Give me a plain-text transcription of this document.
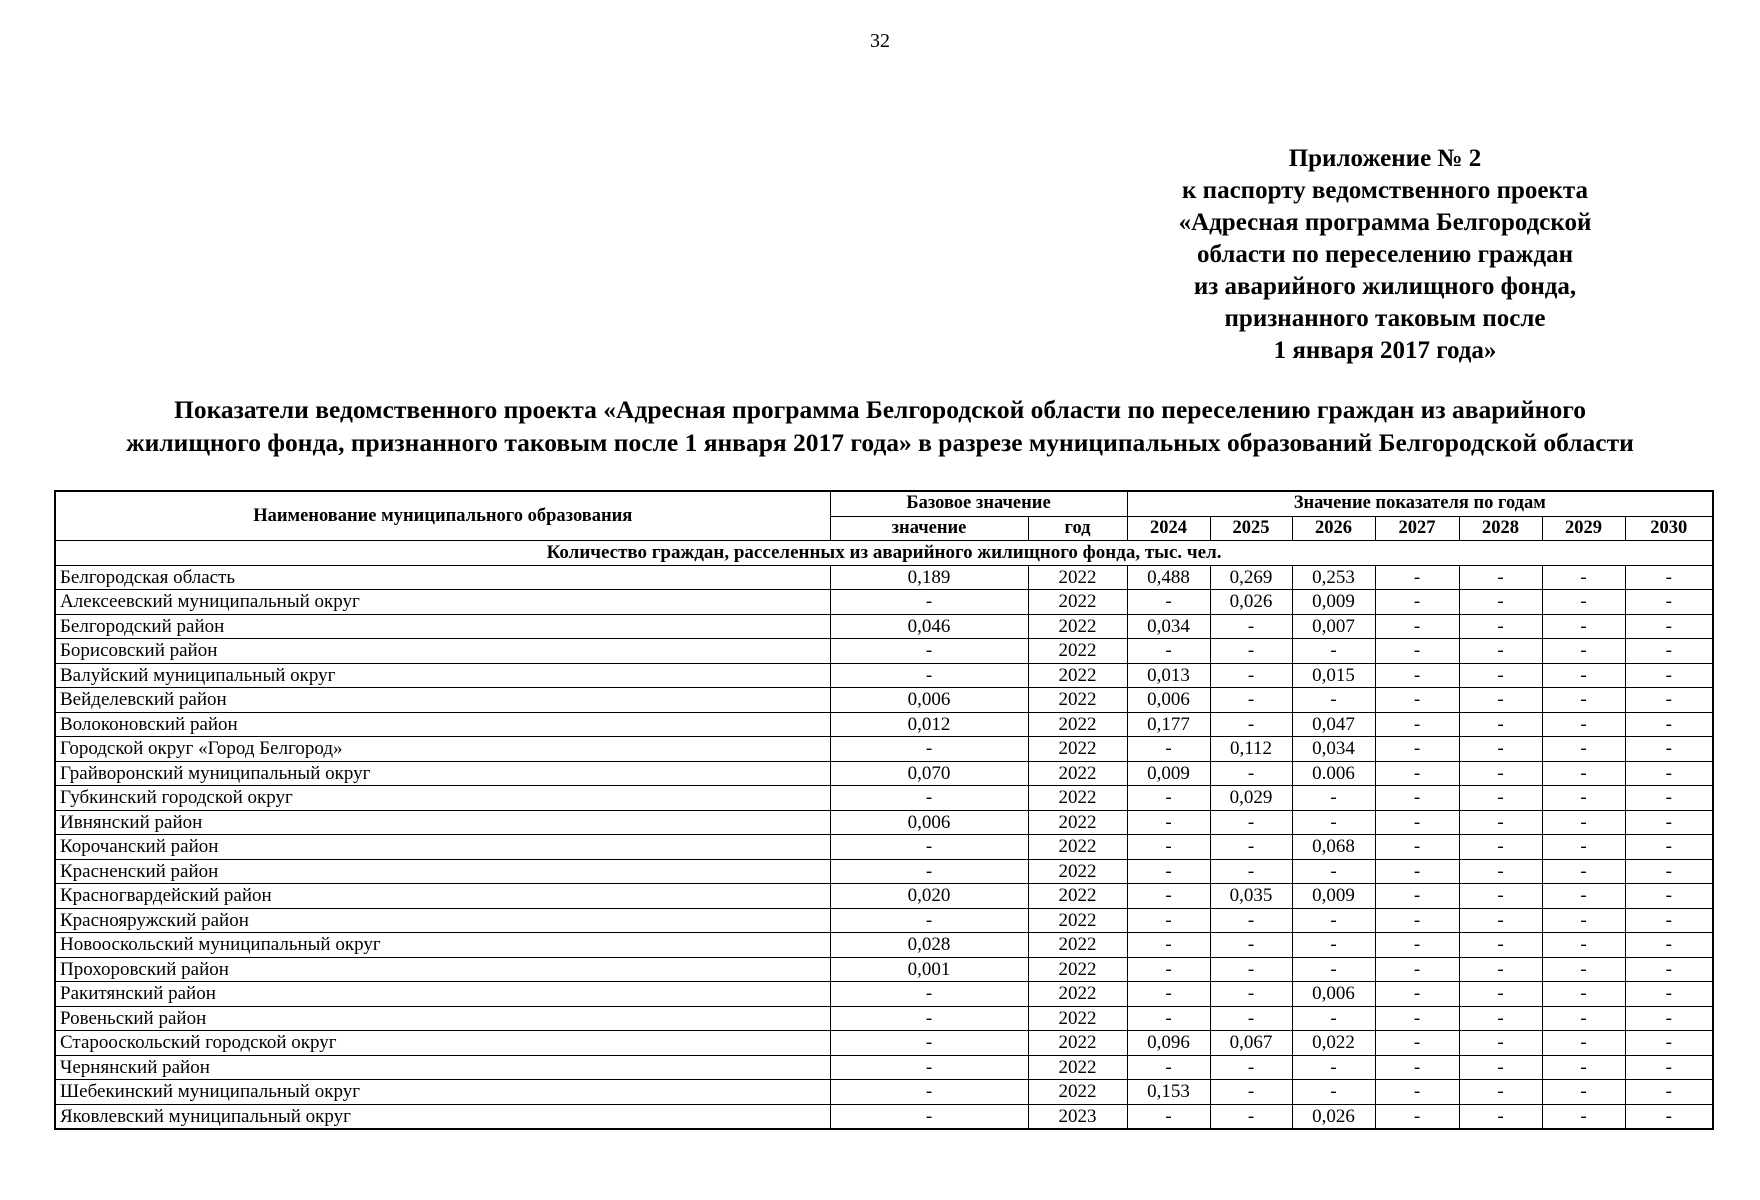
32
Приложение № 2
к паспорту ведомственного проекта
«Адресная программа Белгородской
области по переселению граждан
из аварийного жилищного фонда,
признанного таковым после
1 января 2017 года»
Показатели ведомственного проекта «Адресная программа Белгородской области по переселению граждан из аварийного
жилищного фонда, признанного таковым после 1 января 2017 года» в разрезе муниципальных образований Белгородской области
Наименование муниципального образования	Базовое значение		Значение показателя по годам						
	значение	год	2024	2025	2026	2027	2028	2029	2030
Количество граждан, расселенных из аварийного жилищного фонда, тыс. чел.									
Белгородская область	0,189	2022	0,488	0,269	0,253	-	-	-	-
Алексеевский муниципальный округ	-	2022	-	0,026	0,009	-	-	-	-
Белгородский район	0,046	2022	0,034	-	0,007	-	-	-	-
Борисовский район	-	2022	-	-	-	-	-	-	-
Валуйский муниципальный округ	-	2022	0,013	-	0,015	-	-	-	-
Вейделевский район	0,006	2022	0,006	-	-	-	-	-	-
Волоконовский район	0,012	2022	0,177	-	0,047	-	-	-	-
Городской округ «Город Белгород»	-	2022	-	0,112	0,034	-	-	-	-
Грайворонский муниципальный округ	0,070	2022	0,009	-	0.006	-	-	-	-
Губкинский городской округ	-	2022	-	0,029	-	-	-	-	-
Ивнянский район	0,006	2022	-	-	-	-	-	-	-
Корочанский район	-	2022	-	-	0,068	-	-	-	-
Красненский район	-	2022	-	-	-	-	-	-	-
Красногвардейский район	0,020	2022	-	0,035	0,009	-	-	-	-
Краснояружский район	-	2022	-	-	-	-	-	-	-
Новооскольский муниципальный округ	0,028	2022	-	-	-	-	-	-	-
Прохоровский район	0,001	2022	-	-	-	-	-	-	-
Ракитянский район	-	2022	-	-	0,006	-	-	-	-
Ровеньский район	-	2022	-	-	-	-	-	-	-
Старооскольский городской округ	-	2022	0,096	0,067	0,022	-	-	-	-
Чернянский район	-	2022	-	-	-	-	-	-	-
Шебекинский муниципальный округ	-	2022	0,153	-	-	-	-	-	-
Яковлевский муниципальный округ	-	2023	-	-	0,026	-	-	-	-
